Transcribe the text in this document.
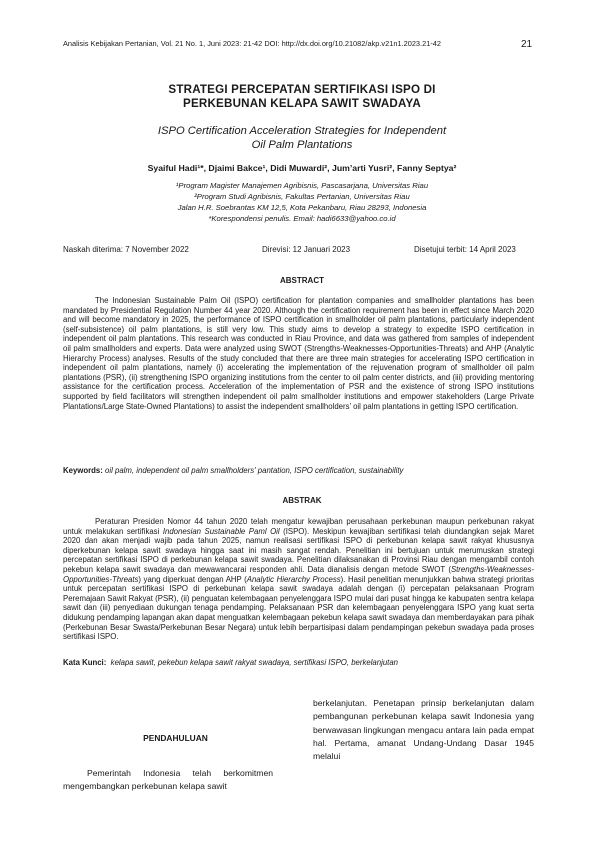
Analisis Kebijakan Pertanian, Vol. 21 No. 1, Juni 2023: 21-42 DOI: http://dx.doi.org/10.21082/akp.v21n1.2023.21-42	21
STRATEGI PERCEPATAN SERTIFIKASI ISPO DI
PERKEBUNAN KELAPA SAWIT SWADAYA
ISPO Certification Acceleration Strategies for Independent
Oil Palm Plantations
Syaiful Hadi¹*, Djaimi Bakce¹, Didi Muwardi², Jum’arti Yusri², Fanny Septya²
¹Program Magister Manajemen Agribisnis, Pascasarjana, Universitas Riau
²Program Studi Agribisnis, Fakultas Pertanian, Universitas Riau
Jalan H.R. Soebrantas KM 12,5, Kota Pekanbaru, Riau 28293, Indonesia
*Korespondensi penulis. Email: hadi6633@yahoo.co.id
Naskah diterima: 7 November 2022	Direvisi: 12 Januari 2023	Disetujui terbit: 14 April 2023
ABSTRACT

The Indonesian Sustainable Palm Oil (ISPO) certification for plantation companies and smallholder plantations has been mandated by Presidential Regulation Number 44 year 2020. Although the certification requirement has been in effect since March 2020 and will become mandatory in 2025, the performance of ISPO certification in smallholder oil palm plantations, particularly independent (self-subsistence) oil palm plantations, is still very low. This study aims to develop a strategy to expedite ISPO certification in independent oil palm plantations. This research was conducted in Riau Province, and data was gathered from samples of independent oil palm smallholders and experts. Data were analyzed using SWOT (Strengths-Weaknesses-Opportunities-Threats) and AHP (Analytic Hierarchy Process) analyses. Results of the study concluded that there are three main strategies for accelerating ISPO certification in independent oil palm plantations, namely (i) accelerating the implementation of the rejuvenation program of smallholder oil palm plantations (PSR), (ii) strengthening ISPO organizing institutions from the center to oil palm center districts, and (iii) providing mentoring assistance for the certification process. Acceleration of the implementation of PSR and the existence of strong ISPO institutions supported by field facilitators will strengthen independent oil palm smallholder institutions and empower stakeholders (Large Private Plantations/Large State-Owned Plantations) to assist the independent smallholders’ oil palm plantations in getting ISPO certification.

Keywords: oil palm, independent oil palm smallholders' pantation, ISPO certification, sustainability
ABSTRAK

Peraturan Presiden Nomor 44 tahun 2020 telah mengatur kewajiban perusahaan perkebunan maupun perkebunan rakyat untuk melakukan sertifikasi Indonesian Sustainable Paml Oil (ISPO). Meskipun kewajiban sertifikasi telah diundangkan sejak Maret 2020 dan akan menjadi wajib pada tahun 2025, namun realisasi sertifikasi ISPO di perkebunan kelapa sawit rakyat khususnya diperkebunan kelapa sawit swadaya hingga saat ini masih sangat rendah. Penelitian ini bertujuan untuk merumuskan strategi percepatan sertifikasi ISPO di perkebunan kelapa sawit swadaya. Penelitian dilaksanakan di Provinsi Riau dengan mengambil contoh pekebun kelapa sawit swadaya dan mewawancarai responden ahli. Data dianalisis dengan metode SWOT (Strengths-Weaknesses-Opportunities-Threats) yang diperkuat dengan AHP (Analytic Hierarchy Process). Hasil penelitian menunjukkan bahwa strategi prioritas untuk percepatan sertifikasi ISPO di perkebunan kelapa sawit swadaya adalah dengan (i) percepatan pelaksanaan Program Peremajaan Sawit Rakyat (PSR), (ii) penguatan kelembagaan penyelenggara ISPO mulai dari pusat hingga ke kabupaten sentra kelapa sawit dan (iii) penyediaan dukungan tenaga pendamping. Pelaksanaan PSR dan kelembagaan penyelenggara ISPO yang kuat serta didukung pendamping lapangan akan dapat menguatkan kelembagaan pekebun kelapa sawit swadaya dan memberdayakan para pihak (Perkebunan Besar Swasta/Perkebunan Besar Negara) untuk lebih berpartisipasi dalam pendampingan pekebun swadaya pada proses sertifikasi ISPO.

Kata Kunci: kelapa sawit, pekebun kelapa sawit rakyat swadaya, sertifikasi ISPO, berkelanjutan
PENDAHULUAN

Pemerintah Indonesia telah berkomitmen mengembangkan perkebunan kelapa sawit

berkelanjutan. Penetapan prinsip berkelanjutan dalam pembangunan perkebunan kelapa sawit Indonesia yang berwawasan lingkungan mengacu antara lain pada empat hal. Pertama, amanat Undang-Undang Dasar 1945 melalui
